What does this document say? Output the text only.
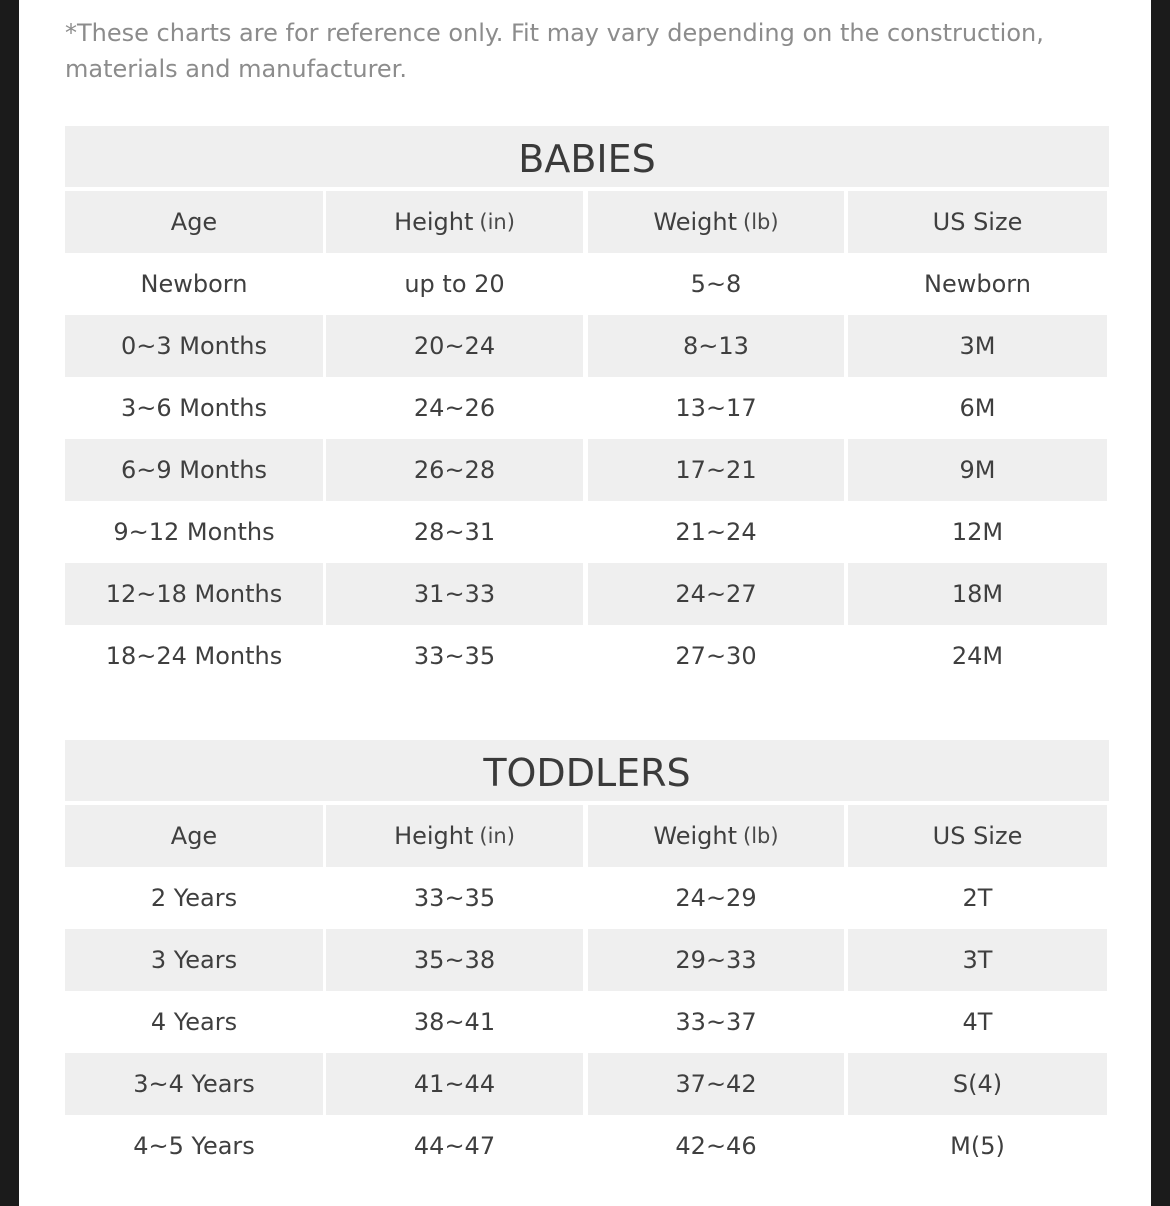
*These charts are for reference only. Fit may vary depending on the construction, materials and manufacturer.

BABIES
Age	Height (in)	Weight (lb)	US Size
Newborn	up to 20	5~8	Newborn
0~3 Months	20~24	8~13	3M
3~6 Months	24~26	13~17	6M
6~9 Months	26~28	17~21	9M
9~12 Months	28~31	21~24	12M
12~18 Months	31~33	24~27	18M
18~24 Months	33~35	27~30	24M
TODDLERS
Age	Height (in)	Weight (lb)	US Size
2 Years	33~35	24~29	2T
3 Years	35~38	29~33	3T
4 Years	38~41	33~37	4T
3~4 Years	41~44	37~42	S(4)
4~5 Years	44~47	42~46	M(5)
